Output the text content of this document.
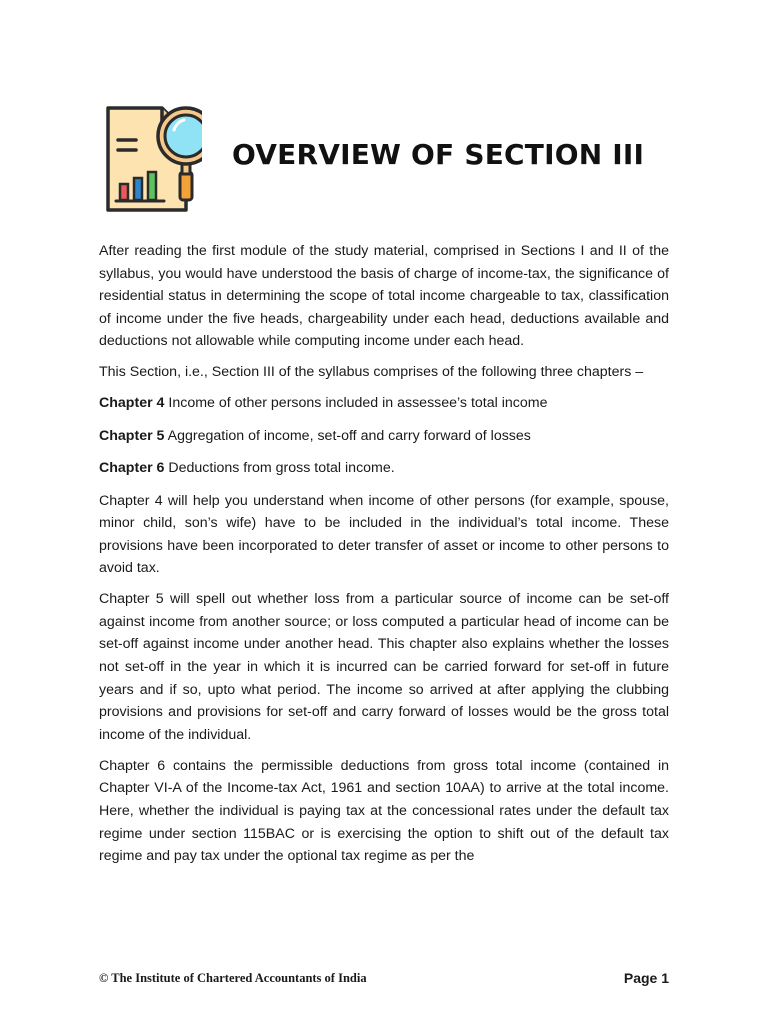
OVERVIEW OF SECTION III

After reading the first module of the study material, comprised in Sections I and II of the syllabus, you would have understood the basis of charge of income-tax, the significance of residential status in determining the scope of total income chargeable to tax, classification of income under the five heads, chargeability under each head, deductions available and deductions not allowable while computing income under each head.

This Section, i.e., Section III of the syllabus comprises of the following three chapters –

Chapter 4 Income of other persons included in assessee’s total income

Chapter 5 Aggregation of income, set-off and carry forward of losses

Chapter 6 Deductions from gross total income.

Chapter 4 will help you understand when income of other persons (for example, spouse, minor child, son’s wife) have to be included in the individual’s total income. These provisions have been incorporated to deter transfer of asset or income to other persons to avoid tax.

Chapter 5 will spell out whether loss from a particular source of income can be set-off against income from another source; or loss computed a particular head of income can be set-off against income under another head. This chapter also explains whether the losses not set-off in the year in which it is incurred can be carried forward for set-off in future years and if so, upto what period. The income so arrived at after applying the clubbing provisions and provisions for set-off and carry forward of losses would be the gross total income of the individual.

Chapter 6 contains the permissible deductions from gross total income (contained in Chapter VI-A of the Income-tax Act, 1961 and section 10AA) to arrive at the total income. Here, whether the individual is paying tax at the concessional rates under the default tax regime under section 115BAC or is exercising the option to shift out of the default tax regime and pay tax under the optional tax regime as per the

© The Institute of Chartered Accountants of India	Page 1
